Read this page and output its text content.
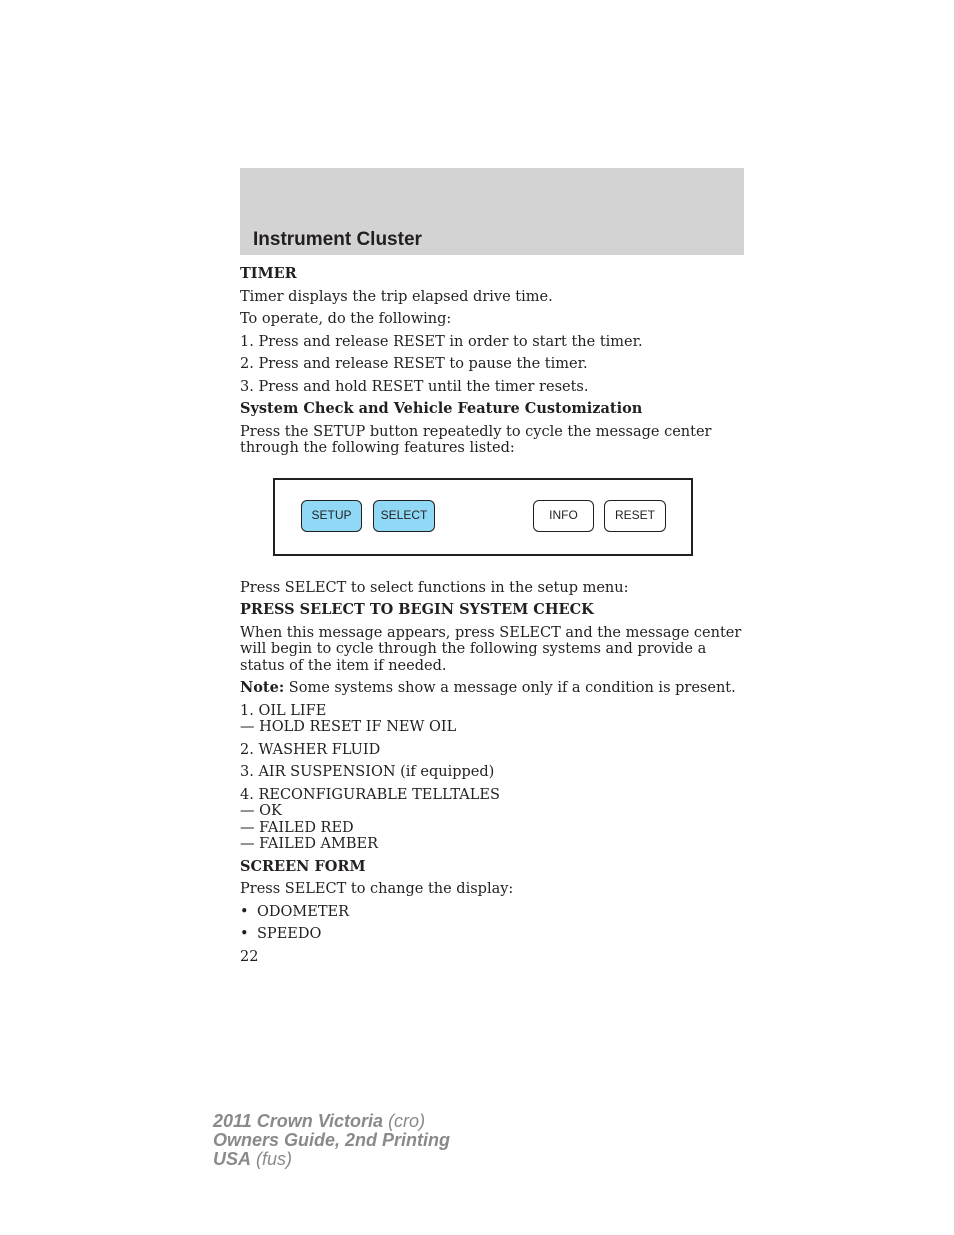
Instrument Cluster

TIMER

Timer displays the trip elapsed drive time.

To operate, do the following:

1. Press and release RESET in order to start the timer.

2. Press and release RESET to pause the timer.

3. Press and hold RESET until the timer resets.

System Check and Vehicle Feature Customization

Press the SETUP button repeatedly to cycle the message center through the following features listed:

SETUP	SELECT	INFO	RESET

Press SELECT to select functions in the setup menu:

PRESS SELECT TO BEGIN SYSTEM CHECK

When this message appears, press SELECT and the message center will begin to cycle through the following systems and provide a status of the item if needed.

Note: Some systems show a message only if a condition is present.

1. OIL LIFE

— HOLD RESET IF NEW OIL

2. WASHER FLUID

3. AIR SUSPENSION (if equipped)

4. RECONFIGURABLE TELLTALES

— OK

— FAILED RED

— FAILED AMBER

SCREEN FORM

Press SELECT to change the display:

• ODOMETER

• SPEEDO

22

2011 Crown Victoria (cro)
Owners Guide, 2nd Printing
USA (fus)
